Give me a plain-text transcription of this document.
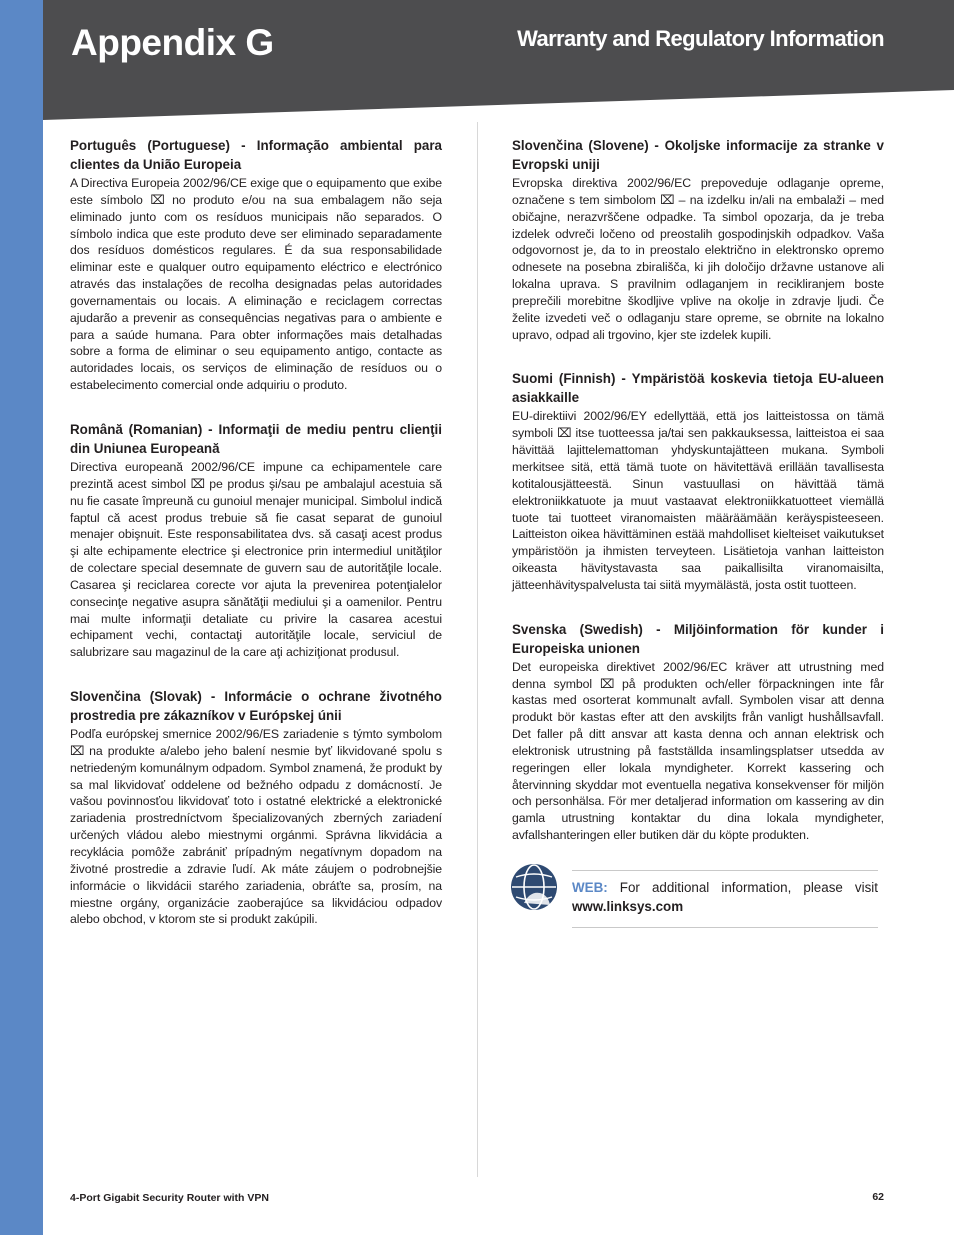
Appendix G	Warranty and Regulatory Information
Português (Portuguese) - Informação ambiental para clientes da União Europeia

A Directiva Europeia 2002/96/CE exige que o equipamento que exibe este símbolo ⌧ no produto e/ou na sua embalagem não seja eliminado junto com os resíduos municipais não separados. O símbolo indica que este produto deve ser eliminado separadamente dos resíduos domésticos regulares. É da sua responsabilidade eliminar este e qualquer outro equipamento eléctrico e electrónico através das instalações de recolha designadas pelas autoridades governamentais ou locais. A eliminação e reciclagem correctas ajudarão a prevenir as consequências negativas para o ambiente e para a saúde humana. Para obter informações mais detalhadas sobre a forma de eliminar o seu equipamento antigo, contacte as autoridades locais, os serviços de eliminação de resíduos ou o estabelecimento comercial onde adquiriu o produto.

Română (Romanian) - Informaţii de mediu pentru clienţii din Uniunea Europeană

Directiva europeană 2002/96/CE impune ca echipamentele care prezintă acest simbol ⌧ pe produs şi/sau pe ambalajul acestuia să nu fie casate împreună cu gunoiul menajer municipal. Simbolul indică faptul că acest produs trebuie să fie casat separat de gunoiul menajer obişnuit. Este responsabilitatea dvs. să casaţi acest produs şi alte echipamente electrice şi electronice prin intermediul unităţilor de colectare special desemnate de guvern sau de autorităţile locale. Casarea şi reciclarea corecte vor ajuta la prevenirea potenţialelor consecinţe negative asupra sănătăţii mediului şi a oamenilor. Pentru mai multe informaţii detaliate cu privire la casarea acestui echipament vechi, contactaţi autorităţile locale, serviciul de salubrizare sau magazinul de la care aţi achiziţionat produsul.

Slovenčina (Slovak) - Informácie o ochrane životného prostredia pre zákazníkov v Európskej únii

Podľa európskej smernice 2002/96/ES zariadenie s týmto symbolom ⌧ na produkte a/alebo jeho balení nesmie byť likvidované spolu s netriedeným komunálnym odpadom. Symbol znamená, že produkt by sa mal likvidovať oddelene od bežného odpadu z domácností. Je vašou povinnosťou likvidovať toto i ostatné elektrické a elektronické zariadenia prostredníctvom špecializovaných zberných zariadení určených vládou alebo miestnymi orgánmi. Správna likvidácia a recyklácia pomôže zabrániť prípadným negatívnym dopadom na životné prostredie a zdravie ľudí. Ak máte záujem o podrobnejšie informácie o likvidácii starého zariadenia, obráťte sa, prosím, na miestne orgány, organizácie zaoberajúce sa likvidáciou odpadov alebo obchod, v ktorom ste si produkt zakúpili.

Slovenčina (Slovene) - Okoljske informacije za stranke v Evropski uniji

Evropska direktiva 2002/96/EC prepoveduje odlaganje opreme, označene s tem simbolom ⌧ – na izdelku in/ali na embalaži – med običajne, nerazvrščene odpadke. Ta simbol opozarja, da je treba izdelek odvreči ločeno od preostalih gospodinjskih odpadkov. Vaša odgovornost je, da to in preostalo električno in elektronsko opremo odnesete na posebna zbirališča, ki jih določijo državne ustanove ali lokalna uprava. S pravilnim odlaganjem in recikliranjem boste preprečili morebitne škodljive vplive na okolje in zdravje ljudi. Če želite izvedeti več o odlaganju stare opreme, se obrnite na lokalno upravo, odpad ali trgovino, kjer ste izdelek kupili.

Suomi (Finnish) - Ympäristöä koskevia tietoja EU-alueen asiakkaille

EU-direktiivi 2002/96/EY edellyttää, että jos laitteistossa on tämä symboli ⌧ itse tuotteessa ja/tai sen pakkauksessa, laitteistoa ei saa hävittää lajittelemattoman yhdyskuntajätteen mukana. Symboli merkitsee sitä, että tämä tuote on hävitettävä erillään tavallisesta kotitalousjätteestä. Sinun vastuullasi on hävittää tämä elektroniikkatuote ja muut vastaavat elektroniikkatuotteet viemällä tuote tai tuotteet viranomaisten määräämään keräyspisteeseen. Laitteiston oikea hävittäminen estää mahdolliset kielteiset vaikutukset ympäristöön ja ihmisten terveyteen. Lisätietoja vanhan laitteiston oikeasta hävitystavasta saa paikallisilta viranomaisilta, jätteenhävityspalvelusta tai siitä myymälästä, josta ostit tuotteen.

Svenska (Swedish) - Miljöinformation för kunder i Europeiska unionen

Det europeiska direktivet 2002/96/EC kräver att utrustning med denna symbol ⌧ på produkten och/eller förpackningen inte får kastas med osorterat kommunalt avfall. Symbolen visar att denna produkt bör kastas efter att den avskiljts från vanligt hushållsavfall. Det faller på ditt ansvar att kasta denna och annan elektrisk och elektronisk utrustning på fastställda insamlingsplatser utsedda av regeringen eller lokala myndigheter. Korrekt kassering och återvinning skyddar mot eventuella negativa konsekvenser för miljön och personhälsa. För mer detaljerad information om kassering av din gamla utrustning kontaktar du dina lokala myndigheter, avfallshanteringen eller butiken där du köpte produkten.

WEB: For additional information, please visit www.linksys.com
4-Port Gigabit Security Router with VPN	62
